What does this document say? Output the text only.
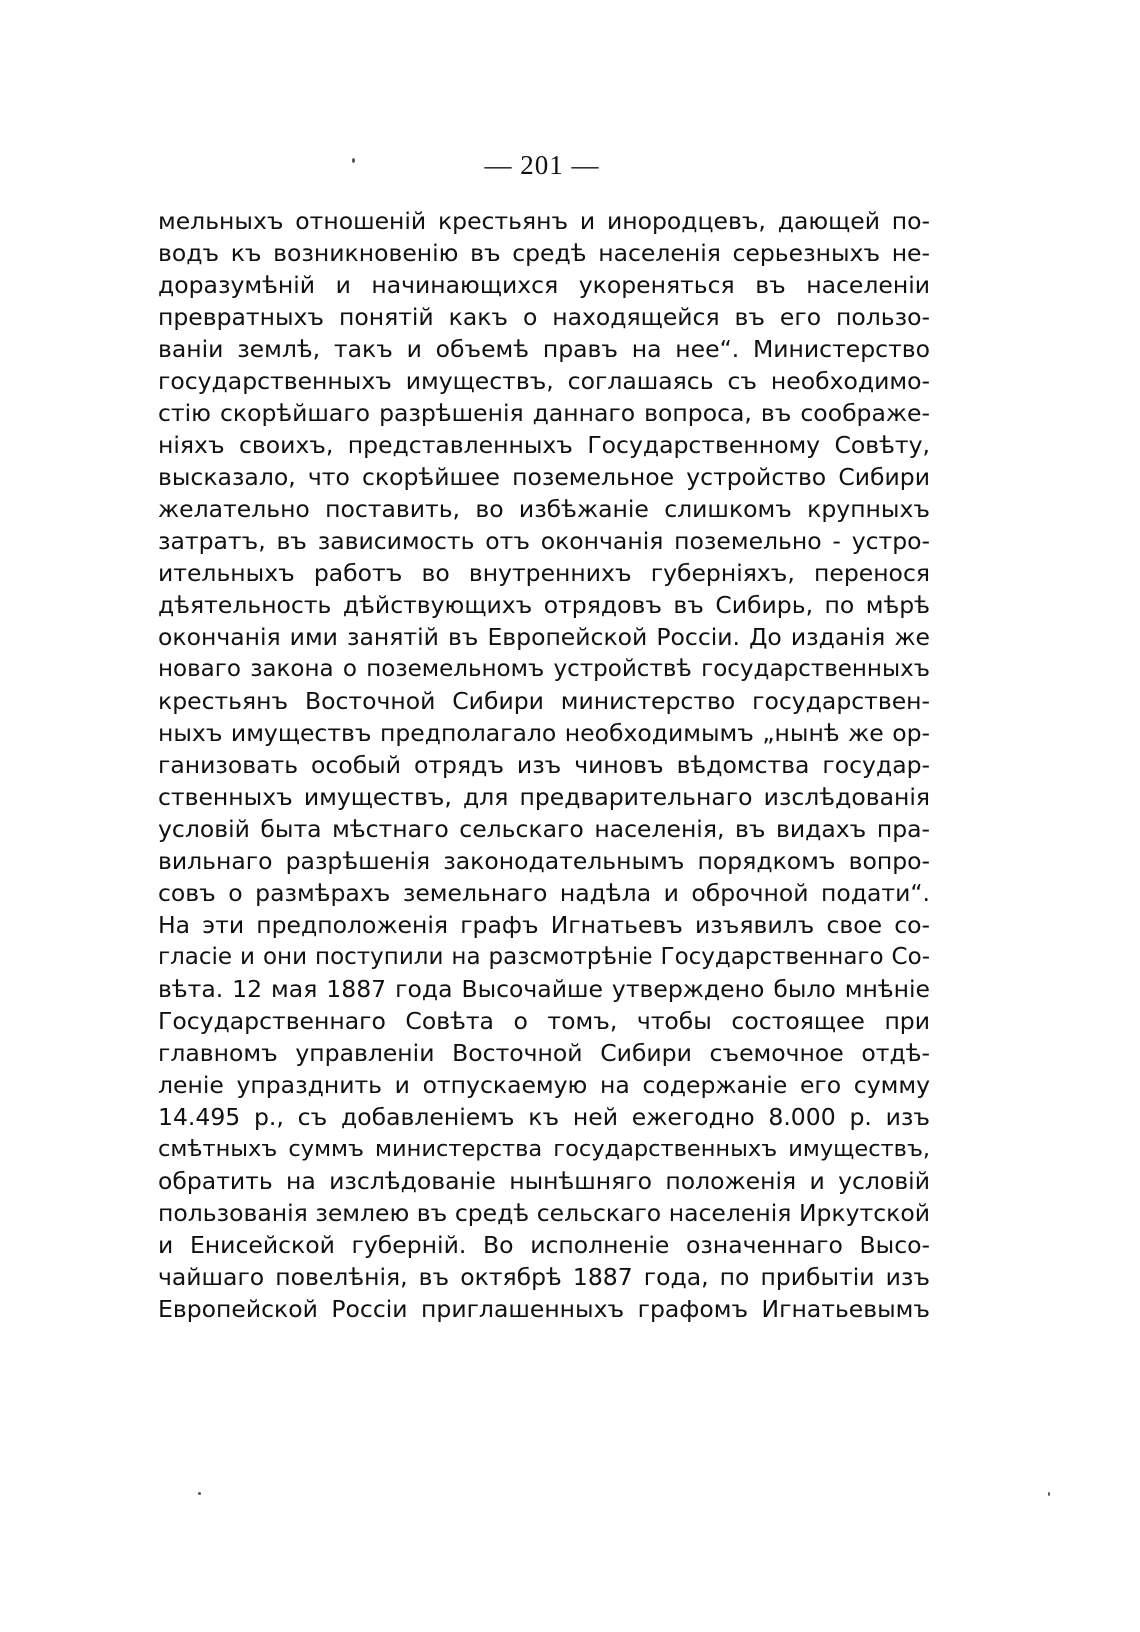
— 201 —
мельныхъ отношенiй крестьянъ и инородцевъ, дающей по-
водъ къ возникновенiю въ средѣ населенiя серьезныхъ не-
доразумѣнiй и начинающихся укореняться въ населенiи
превратныхъ понятiй какъ о находящейся въ его пользо-
ванiи землѣ, такъ и объемѣ правъ на нее“. Министерство
государственныхъ имуществъ, соглашаясь съ необходимо-
стiю скорѣйшаго разрѣшенiя даннаго вопроса, въ соображе-
нiяхъ своихъ, представленныхъ Государственному Совѣту,
высказало, что скорѣйшее поземельное устройство Сибири
желательно поставить, во избѣжанiе слишкомъ крупныхъ
затратъ, въ зависимость отъ окончанiя поземельно - устро-
ительныхъ работъ во внутреннихъ губернiяхъ, перенося
дѣятельность дѣйствующихъ отрядовъ въ Сибирь, по мѣрѣ
окончанiя ими занятiй въ Европейской Россiи. До изданiя же
новаго закона о поземельномъ устройствѣ государственныхъ
крестьянъ Восточной Сибири министерство государствен-
ныхъ имуществъ предполагало необходимымъ „нынѣ же ор-
ганизовать особый отрядъ изъ чиновъ вѣдомства государ-
ственныхъ имуществъ, для предварительнаго изслѣдованiя
условiй быта мѣстнаго сельскаго населенiя, въ видахъ пра-
вильнаго разрѣшенiя законодательнымъ порядкомъ вопро-
совъ о размѣрахъ земельнаго надѣла и оброчной подати“.
На эти предположенiя графъ Игнатьевъ изъявилъ свое со-
гласiе и они поступили на разсмотрѣнiе Государственнаго Со-
вѣта. 12 мая 1887 года Высочайше утверждено было мнѣнiе
Государственнаго Совѣта о томъ, чтобы состоящее при
главномъ управленiи Восточной Сибири съемочное отдѣ-
ленiе упразднить и отпускаемую на содержанiе его сумму
14.495 р., съ добавленiемъ къ ней ежегодно 8.000 р. изъ
смѣтныхъ суммъ министерства государственныхъ имуществъ,
обратить на изслѣдованiе нынѣшняго положенiя и условiй
пользованiя землею въ средѣ сельскаго населенiя Иркутской
и Енисейской губернiй. Во исполненiе означеннаго Высо-
чайшаго повелѣнiя, въ октябрѣ 1887 года, по прибытiи изъ
Европейской Россiи приглашенныхъ графомъ Игнатьевымъ
